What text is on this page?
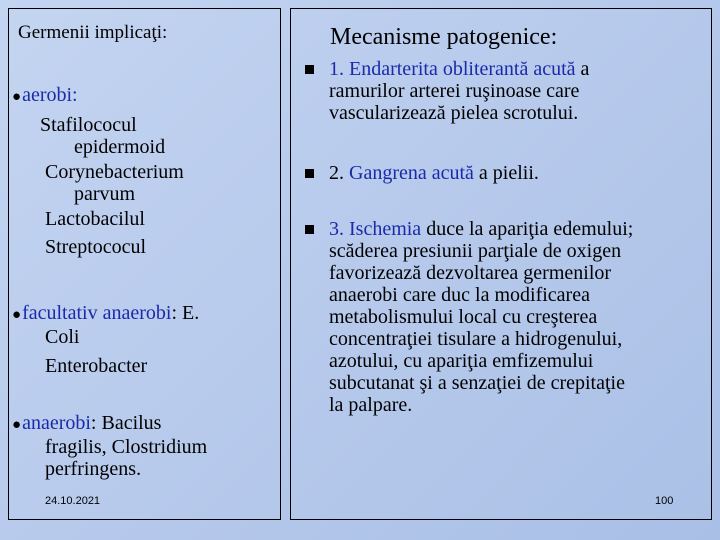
Germenii implicaţi:
● aerobi :
Stafilococul
epidermoid
Corynebacterium
parvum
Lactobacilul
Streptococul
● facultativ anaerobi : E.
Coli
Enterobacter
● anaerobi : Bacilus
fragilis, Clostridium
perfringens.
Mecanisme patogenice:
1. Endarterita obliterantă acută a
ramurilor arterei ruşinoase care
vascularizează pielea scrotului.
2. Gangrena acută a pielii.
3. Ischemia duce la apariţia edemului;
scăderea presiunii parţiale de oxigen
favorizează dezvoltarea germenilor
anaerobi care duc la modificarea
metabolismului local cu creşterea
concentraţiei tisulare a hidrogenului,
azotului, cu apariţia emfizemului
subcutanat şi a senzaţiei de crepitaţie
la palpare.
24.10.2021	100
